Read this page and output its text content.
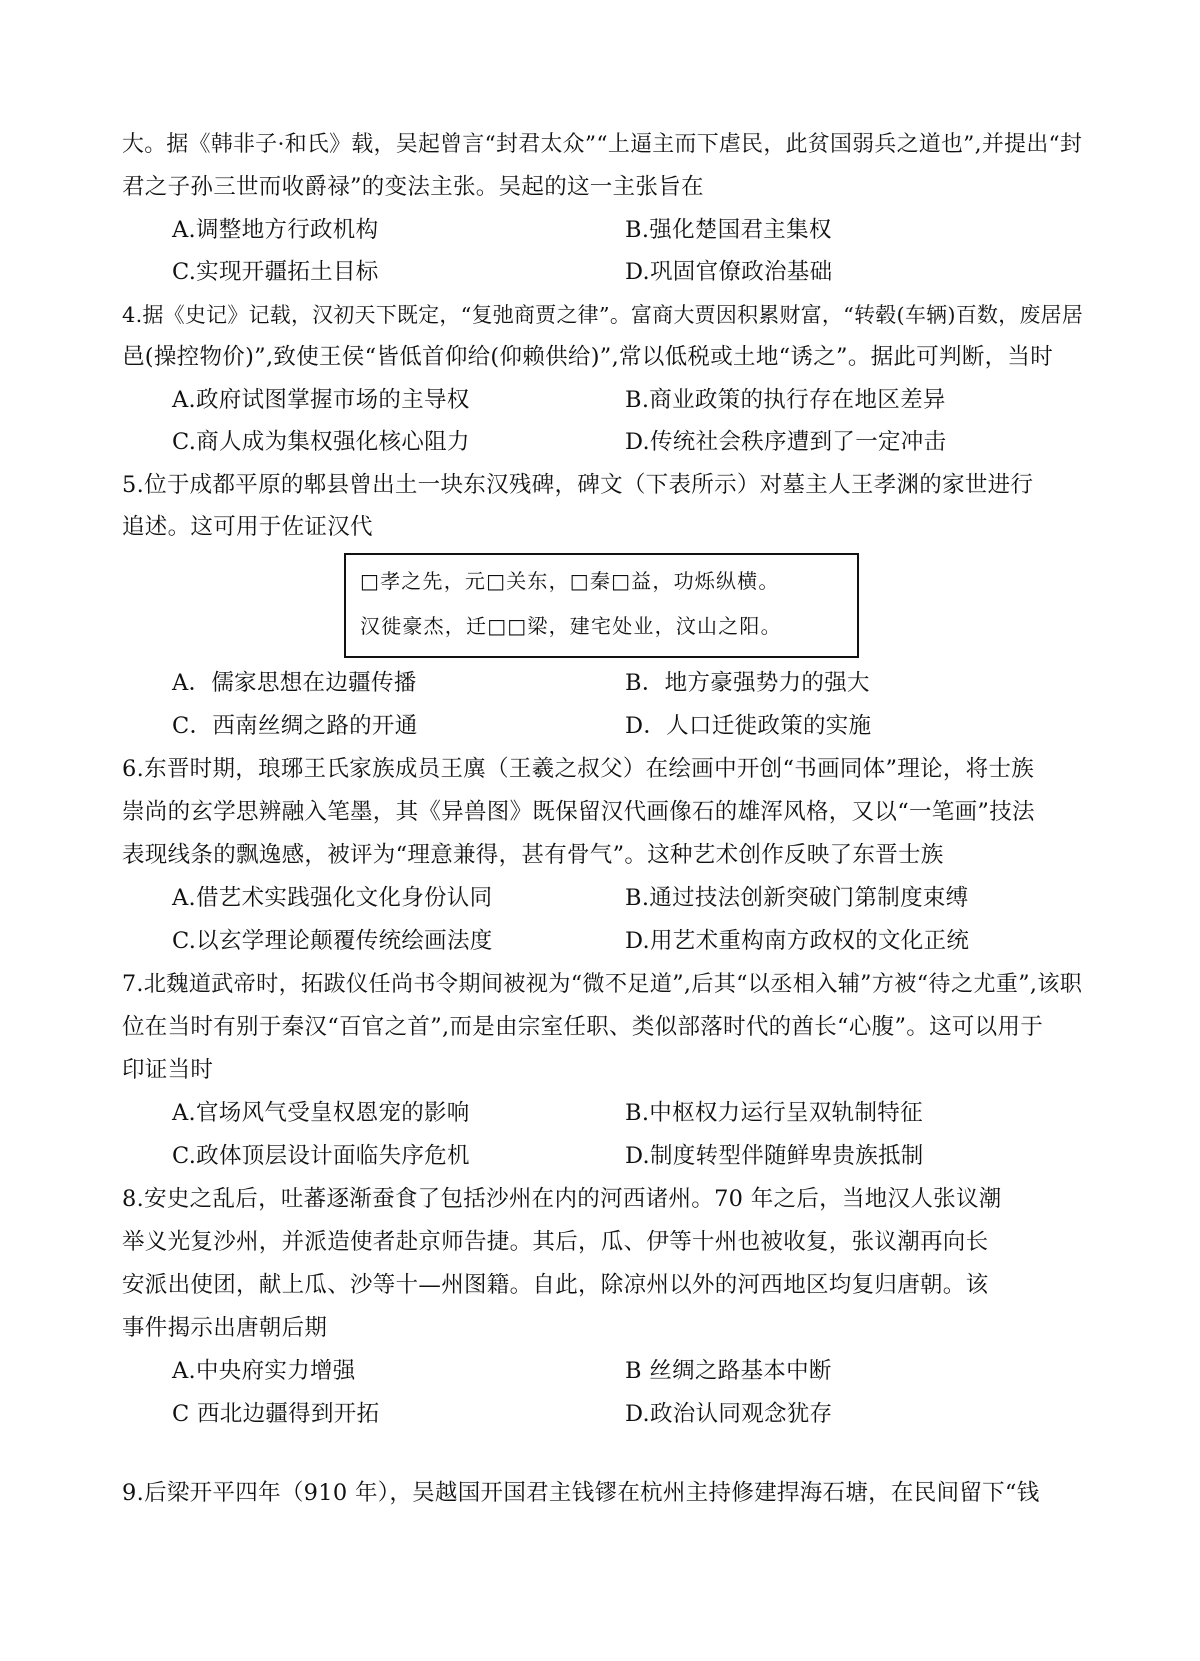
大。据《韩非子·和氏》载，吴起曾言“封君太众”“上逼主而下虐民，此贫国弱兵之道也”,并提出“封
君之子孙三世而收爵禄”的变法主张。吴起的这一主张旨在
A.调整地方行政机构	B.强化楚国君主集权
C.实现开疆拓土目标	D.巩固官僚政治基础
4.据《史记》记载，汉初天下既定，“复弛商贾之律”。富商大贾因积累财富，“转毂(车辆)百数，废居居
邑(操控物价)”,致使王侯“皆低首仰给(仰赖供给)”,常以低税或土地“诱之”。据此可判断，当时
A.政府试图掌握市场的主导权	B.商业政策的执行存在地区差异
C.商人成为集权强化核心阻力	D.传统社会秩序遭到了一定冲击
5.位于成都平原的郫县曾出土一块东汉残碑，碑文（下表所示）对墓主人王孝渊的家世进行
追述。这可用于佐证汉代
□孝之先，元□关东，□秦□益，功烁纵横。
汉徙豪杰，迁□□梁，建宅处业，汶山之阳。
A．儒家思想在边疆传播	B．地方豪强势力的强大
C．西南丝绸之路的开通	D．人口迁徙政策的实施
6.东晋时期，琅琊王氏家族成员王廙（王羲之叔父）在绘画中开创“书画同体”理论，将士族
崇尚的玄学思辨融入笔墨，其《异兽图》既保留汉代画像石的雄浑风格，又以“一笔画”技法
表现线条的飘逸感，被评为“理意兼得，甚有骨气”。这种艺术创作反映了东晋士族
A.借艺术实践强化文化身份认同	B.通过技法创新突破门第制度束缚
C.以玄学理论颠覆传统绘画法度	D.用艺术重构南方政权的文化正统
7.北魏道武帝时，拓跋仪任尚书令期间被视为“微不足道”,后其“以丞相入辅”方被“待之尤重”,该职
位在当时有别于秦汉“百官之首”,而是由宗室任职、类似部落时代的酋长“心腹”。这可以用于
印证当时
A.官场风气受皇权恩宠的影响	B.中枢权力运行呈双轨制特征
C.政体顶层设计面临失序危机	D.制度转型伴随鲜卑贵族抵制
8.安史之乱后，吐蕃逐渐蚕食了包括沙州在内的河西诸州。70 年之后，当地汉人张议潮
举义光复沙州，并派造使者赴京师告捷。其后，瓜、伊等十州也被收复，张议潮再向长
安派出使团，献上瓜、沙等十—州图籍。自此，除凉州以外的河西地区均复归唐朝。该
事件揭示出唐朝后期
A.中央府实力增强	B 丝绸之路基本中断
C 西北边疆得到开拓	D.政治认同观念犹存
9.后梁开平四年（910 年），吴越国开国君主钱镠在杭州主持修建捍海石塘，在民间留下“钱
